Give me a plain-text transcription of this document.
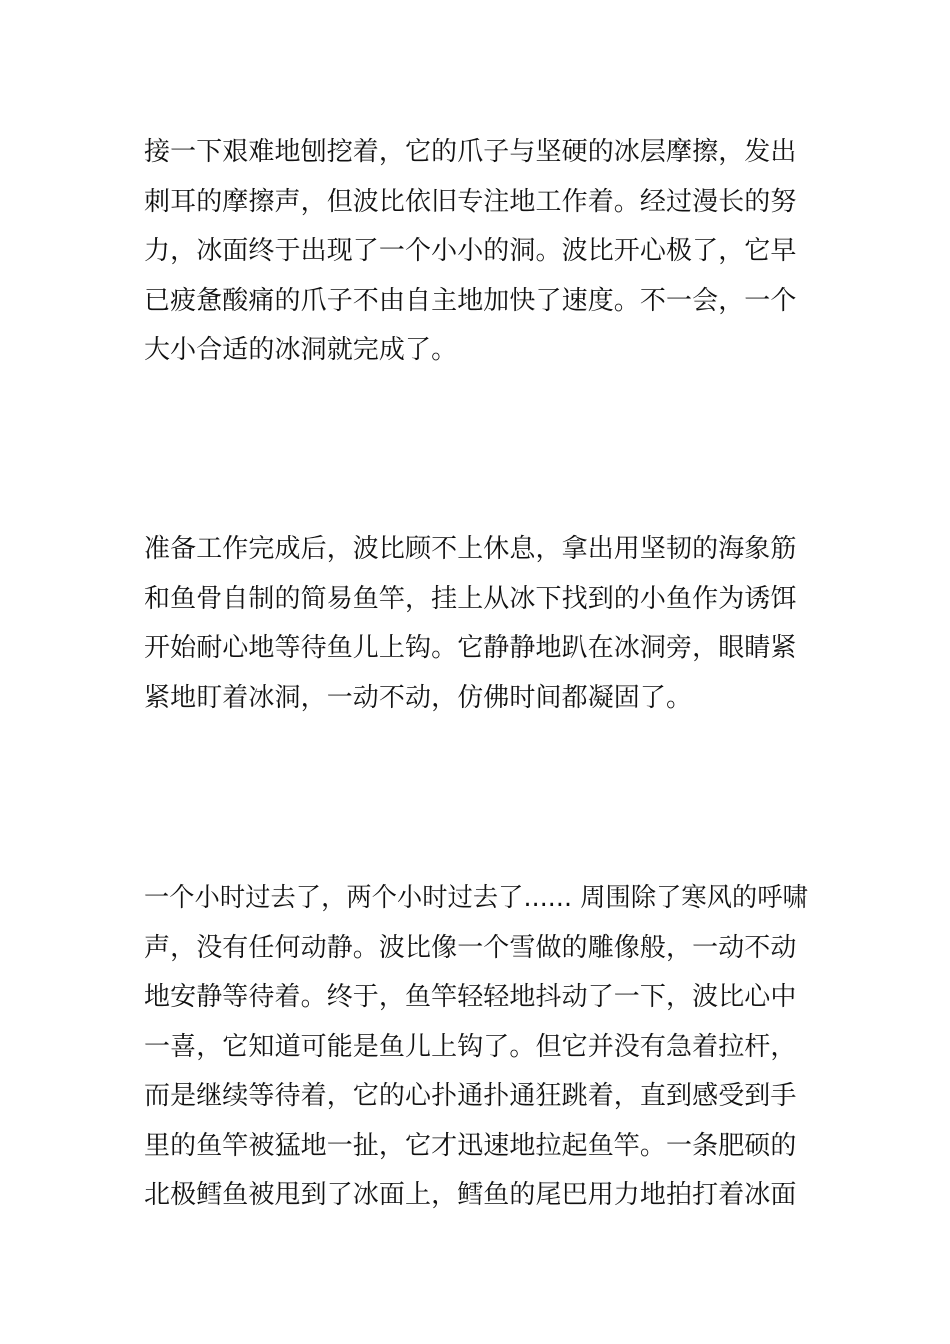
接一下艰难地刨挖着，它的爪子与坚硬的冰层摩擦，发出
刺耳的摩擦声，但波比依旧专注地工作着。经过漫长的努
力，冰面终于出现了一个小小的洞。波比开心极了，它早
已疲惫酸痛的爪子不由自主地加快了速度。不一会，一个
大小合适的冰洞就完成了。

准备工作完成后，波比顾不上休息，拿出用坚韧的海象筋
和鱼骨自制的简易鱼竿，挂上从冰下找到的小鱼作为诱饵
开始耐心地等待鱼儿上钩。它静静地趴在冰洞旁，眼睛紧
紧地盯着冰洞，一动不动，仿佛时间都凝固了。

一个小时过去了，两个小时过去了...... 周围除了寒风的呼啸
声，没有任何动静。波比像一个雪做的雕像般，一动不动
地安静等待着。终于，鱼竿轻轻地抖动了一下，波比心中
一喜，它知道可能是鱼儿上钩了。但它并没有急着拉杆，
而是继续等待着，它的心扑通扑通狂跳着，直到感受到手
里的鱼竿被猛地一扯，它才迅速地拉起鱼竿。一条肥硕的
北极鳕鱼被甩到了冰面上，鳕鱼的尾巴用力地拍打着冰面
